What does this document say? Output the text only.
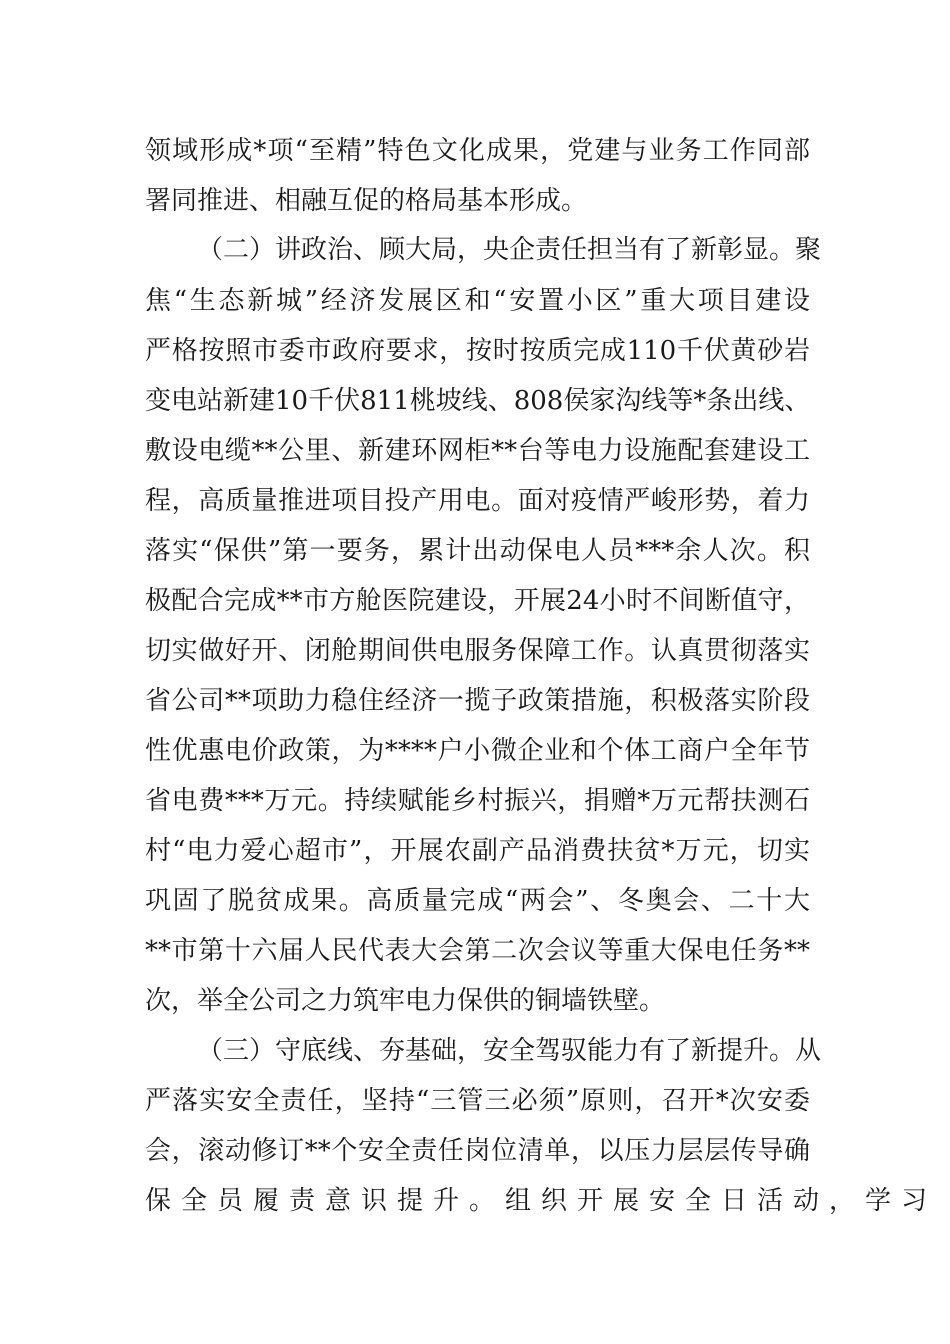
领域形成*项“至精”特色文化成果，党建与业务工作同部
署同推进、相融互促的格局基本形成。
（二）讲政治、顾大局，央企责任担当有了新彰显。聚
焦“生态新城”经济发展区和“安置小区”重大项目建设
严格按照市委市政府要求，按时按质完成110千伏黄砂岩
变电站新建10千伏811桃坡线、808侯家沟线等*条出线、
敷设电缆**公里、新建环网柜**台等电力设施配套建设工
程，高质量推进项目投产用电。面对疫情严峻形势，着力
落实“保供”第一要务，累计出动保电人员***余人次。积
极配合完成**市方舱医院建设，开展24小时不间断值守，
切实做好开、闭舱期间供电服务保障工作。认真贯彻落实
省公司**项助力稳住经济一揽子政策措施，积极落实阶段
性优惠电价政策，为****户小微企业和个体工商户全年节
省电费***万元。持续赋能乡村振兴，捐赠*万元帮扶测石
村“电力爱心超市”，开展农副产品消费扶贫*万元，切实
巩固了脱贫成果。高质量完成“两会”、冬奥会、二十大
**市第十六届人民代表大会第二次会议等重大保电任务**
次，举全公司之力筑牢电力保供的铜墙铁壁。
（三）守底线、夯基础，安全驾驭能力有了新提升。从
严落实安全责任，坚持“三管三必须”原则，召开*次安委
会，滚动修订**个安全责任岗位清单，以压力层层传导确
保全员履责意识提升。组织开展安全日活动，学习
